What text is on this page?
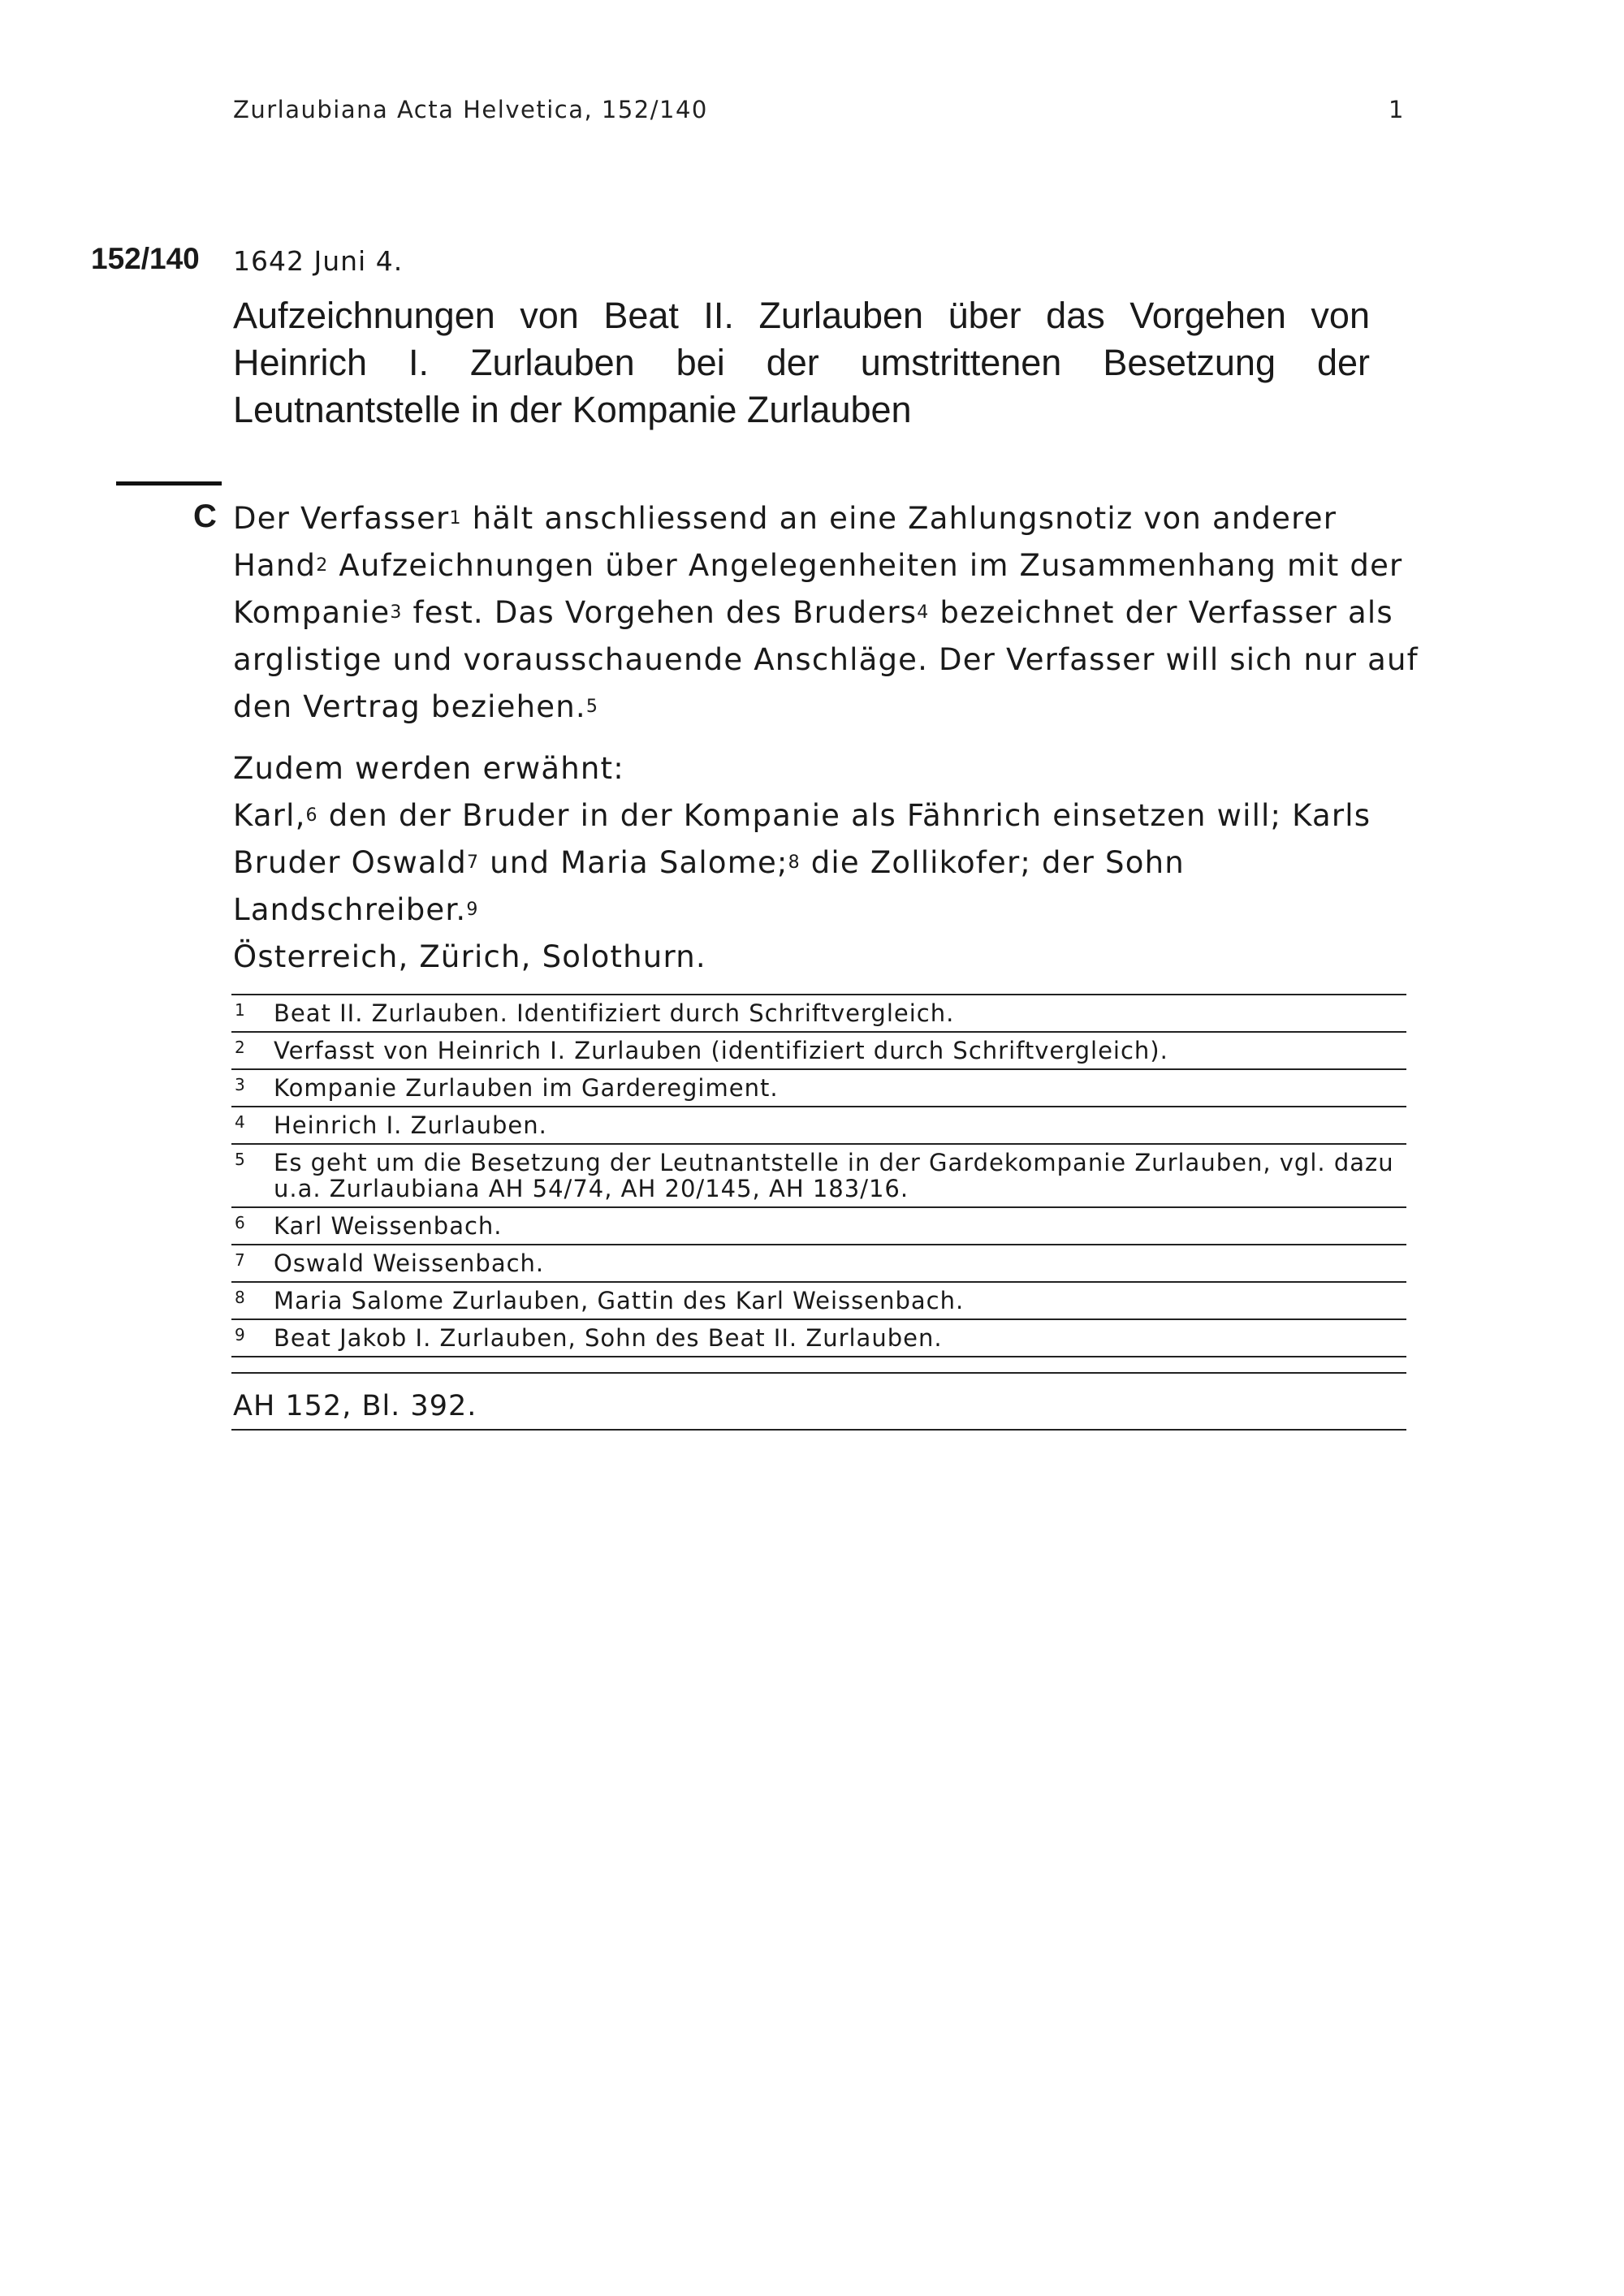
Zurlaubiana Acta Helvetica, 152/140	1
152/140 1642 Juni 4.
Aufzeichnungen von Beat II. Zurlauben über das Vorgehen von Heinrich I. Zurlauben bei der umstrittenen Besetzung der Leutnantstelle in der Kompanie Zurlauben
C Der Verfasser$^1$ hält anschliessend an eine Zahlungsnotiz von anderer Hand$^2$ Aufzeichnungen über Angelegenheiten im Zusammenhang mit der Kompanie$^3$ fest. Das Vorgehen des Bruders$^4$ bezeichnet der Verfasser als arglistige und vorausschauende Anschläge. Der Verfasser will sich nur auf den Vertrag beziehen.$^5$

Zudem werden erwähnt:
Karl,$^6$ den der Bruder in der Kompanie als Fähnrich einsetzen will; Karls Bruder Oswald$^7$ und Maria Salome;$^8$ die Zollikofer; der Sohn Landschreiber.$^9$
Österreich, Zürich, Solothurn.

1 Beat II. Zurlauben. Identifiziert durch Schriftvergleich.
2 Verfasst von Heinrich I. Zurlauben (identifiziert durch Schriftvergleich).
3 Kompanie Zurlauben im Garderegiment.
4 Heinrich I. Zurlauben.
5 Es geht um die Besetzung der Leutnantstelle in der Gardekompanie Zurlauben, vgl. dazu u.a. Zurlaubiana AH 54/74, AH 20/145, AH 183/16.
6 Karl Weissenbach.
7 Oswald Weissenbach.
8 Maria Salome Zurlauben, Gattin des Karl Weissenbach.
9 Beat Jakob I. Zurlauben, Sohn des Beat II. Zurlauben.
AH 152, Bl. 392.
